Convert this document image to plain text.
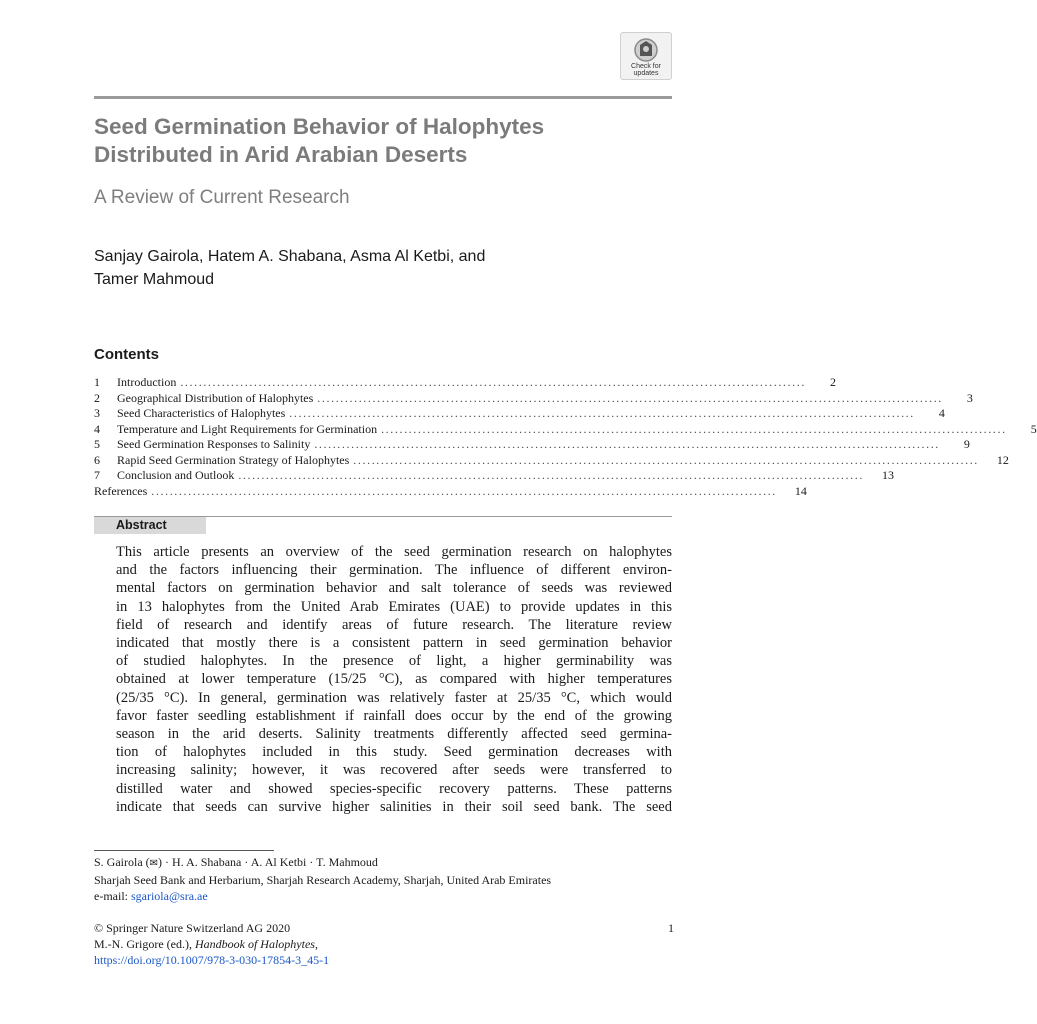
Check for
updates
Seed Germination Behavior of Halophytes
Distributed in Arid Arabian Deserts
A Review of Current Research
Sanjay Gairola, Hatem A. Shabana, Asma Al Ketbi, and
Tamer Mahmoud
Contents
1	Introduction ........................................................................................................................................	2
2	Geographical Distribution of Halophytes ........................................................................................................................................	3
3	Seed Characteristics of Halophytes ........................................................................................................................................	4
4	Temperature and Light Requirements for Germination ........................................................................................................................................	5
5	Seed Germination Responses to Salinity ........................................................................................................................................	9
6	Rapid Seed Germination Strategy of Halophytes ........................................................................................................................................	12
7	Conclusion and Outlook ........................................................................................................................................	13
References ........................................................................................................................................	14
Abstract

This article presents an overview of the seed germination research on halophytes
and the factors influencing their germination. The influence of different environ-
mental factors on germination behavior and salt tolerance of seeds was reviewed
in 13 halophytes from the United Arab Emirates (UAE) to provide updates in this
field of research and identify areas of future research. The literature review
indicated that mostly there is a consistent pattern in seed germination behavior
of studied halophytes. In the presence of light, a higher germinability was
obtained at lower temperature (15/25 °C), as compared with higher temperatures
(25/35 °C). In general, germination was relatively faster at 25/35 °C, which would
favor faster seedling establishment if rainfall does occur by the end of the growing
season in the arid deserts. Salinity treatments differently affected seed germina-
tion of halophytes included in this study. Seed germination decreases with
increasing salinity; however, it was recovered after seeds were transferred to
distilled water and showed species-specific recovery patterns. These patterns
indicate that seeds can survive higher salinities in their soil seed bank. The seed

S. Gairola (✉) · H. A. Shabana · A. Al Ketbi · T. Mahmoud
Sharjah Seed Bank and Herbarium, Sharjah Research Academy, Sharjah, United Arab Emirates
e-mail: sgariola@sra.ae
© Springer Nature Switzerland AG 2020	1
M.-N. Grigore (ed.), Handbook of Halophytes,
https://doi.org/10.1007/978-3-030-17854-3_45-1
